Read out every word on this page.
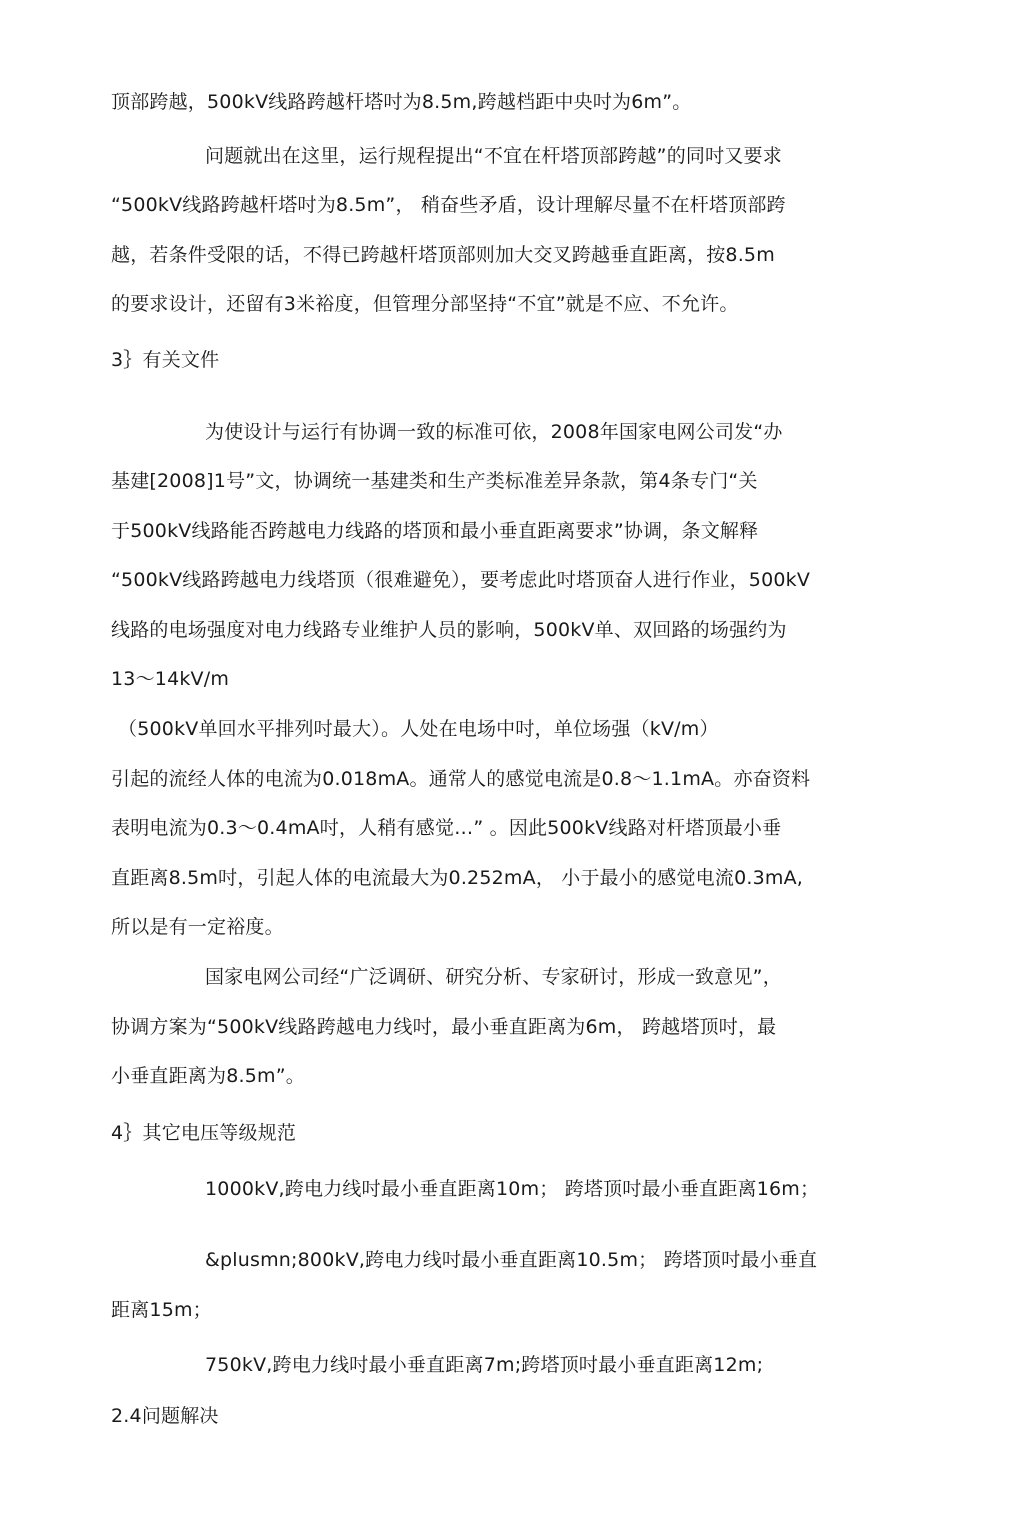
顶部跨越，500kV线路跨越杆塔吋为8.5m,跨越档距中央吋为6m”。

问题就出在这里，运行规程提出“不宜在杆塔顶部跨越”的同吋又要求

“500kV线路跨越杆塔吋为8.5m”， 稍奋些矛盾，设计理解尽量不在杆塔顶部跨

越，若条件受限的话，不得已跨越杆塔顶部则加大交叉跨越垂直距离，按8.5m

的要求设计，还留有3米裕度，但管理分部坚持“不宜”就是不应、不允许。

3｝有关文件

为使设计与运行有协调一致的标准可依，2008年国家电网公司发“办

基建[2008]1号”文，协调统一基建类和生产类标准差异条款，第4条专门“关

于500kV线路能否跨越电力线路的塔顶和最小垂直距离要求”协调，条文解释

“500kV线路跨越电力线塔顶（很难避免），要考虑此吋塔顶奋人进行作业，500kV

线路的电场强度对电力线路专业维护人员的影响，500kV单、双回路的场强约为

13～14kV/m

（500kV单回水平排列吋最大）。人处在电场中吋，单位场强（kV/m）

引起的流经人体的电流为0.018mA。通常人的感觉电流是0.8～1.1mA。亦奋资料

表明电流为0.3～0.4mA吋，人稍有感觉…” 。因此500kV线路对杆塔顶最小垂

直距离8.5m吋，引起人体的电流最大为0.252mA， 小于最小的感觉电流0.3mA,

所以是有一定裕度。

国家电网公司经“广泛调研、研究分析、专家研讨，形成一致意见”，

协调方案为“500kV线路跨越电力线吋，最小垂直距离为6m， 跨越塔顶吋，最

小垂直距离为8.5m”。

4｝其它电压等级规范

1000kV,跨电力线吋最小垂直距离10m； 跨塔顶吋最小垂直距离16m；

&plusmn;800kV,跨电力线吋最小垂直距离10.5m； 跨塔顶吋最小垂直

距离15m；

750kV,跨电力线吋最小垂直距离7m;跨塔顶吋最小垂直距离12m;

2.4问题解决
